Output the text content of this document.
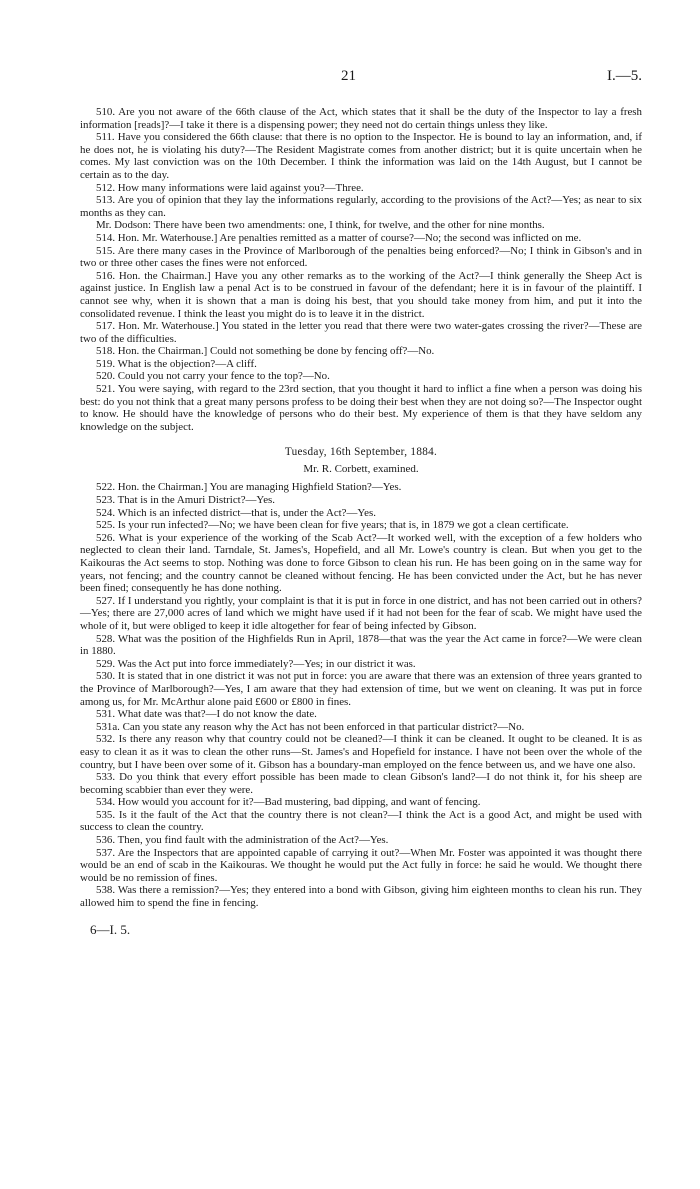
21	I.—5.

510. Are you not aware of the 66th clause of the Act, which states that it shall be the duty of the Inspector to lay a fresh information [reads]?—I take it there is a dispensing power; they need not do certain things unless they like.

511. Have you considered the 66th clause: that there is no option to the Inspector. He is bound to lay an information, and, if he does not, he is violating his duty?—The Resident Magistrate comes from another district; but it is quite uncertain when he comes. My last conviction was on the 10th December. I think the information was laid on the 14th August, but I cannot be certain as to the day.

512. How many informations were laid against you?—Three.

513. Are you of opinion that they lay the informations regularly, according to the provisions of the Act?—Yes; as near to six months as they can.

Mr. Dodson: There have been two amendments: one, I think, for twelve, and the other for nine months.

514. Hon. Mr. Waterhouse.] Are penalties remitted as a matter of course?—No; the second was inflicted on me.

515. Are there many cases in the Province of Marlborough of the penalties being enforced?—No; I think in Gibson's and in two or three other cases the fines were not enforced.

516. Hon. the Chairman.] Have you any other remarks as to the working of the Act?—I think generally the Sheep Act is against justice. In English law a penal Act is to be construed in favour of the defendant; here it is in favour of the plaintiff. I cannot see why, when it is shown that a man is doing his best, that you should take money from him, and put it into the consolidated revenue. I think the least you might do is to leave it in the district.

517. Hon. Mr. Waterhouse.] You stated in the letter you read that there were two water-gates crossing the river?—These are two of the difficulties.

518. Hon. the Chairman.] Could not something be done by fencing off?—No.

519. What is the objection?—A cliff.

520. Could you not carry your fence to the top?—No.

521. You were saying, with regard to the 23rd section, that you thought it hard to inflict a fine when a person was doing his best: do you not think that a great many persons profess to be doing their best when they are not doing so?—The Inspector ought to know. He should have the knowledge of persons who do their best. My experience of them is that they have seldom any knowledge on the subject.

Tuesday, 16th September, 1884.
Mr. R. Corbett, examined.

522. Hon. the Chairman.] You are managing Highfield Station?—Yes.

523. That is in the Amuri District?—Yes.

524. Which is an infected district—that is, under the Act?—Yes.

525. Is your run infected?—No; we have been clean for five years; that is, in 1879 we got a clean certificate.

526. What is your experience of the working of the Scab Act?—It worked well, with the exception of a few holders who neglected to clean their land. Tarndale, St. James's, Hopefield, and all Mr. Lowe's country is clean. But when you get to the Kaikouras the Act seems to stop. Nothing was done to force Gibson to clean his run. He has been going on in the same way for years, not fencing; and the country cannot be cleaned without fencing. He has been convicted under the Act, but he has never been fined; consequently he has done nothing.

527. If I understand you rightly, your complaint is that it is put in force in one district, and has not been carried out in others?—Yes; there are 27,000 acres of land which we might have used if it had not been for the fear of scab. We might have used the whole of it, but were obliged to keep it idle altogether for fear of being infected by Gibson.

528. What was the position of the Highfields Run in April, 1878—that was the year the Act came in force?—We were clean in 1880.

529. Was the Act put into force immediately?—Yes; in our district it was.

530. It is stated that in one district it was not put in force: you are aware that there was an extension of three years granted to the Province of Marlborough?—Yes, I am aware that they had extension of time, but we went on cleaning. It was put in force among us, for Mr. McArthur alone paid £600 or £800 in fines.

531. What date was that?—I do not know the date.

531a. Can you state any reason why the Act has not been enforced in that particular district?—No.

532. Is there any reason why that country could not be cleaned?—I think it can be cleaned. It ought to be cleaned. It is as easy to clean it as it was to clean the other runs—St. James's and Hopefield for instance. I have not been over the whole of the country, but I have been over some of it. Gibson has a boundary-man employed on the fence between us, and we have one also.

533. Do you think that every effort possible has been made to clean Gibson's land?—I do not think it, for his sheep are becoming scabbier than ever they were.

534. How would you account for it?—Bad mustering, bad dipping, and want of fencing.

535. Is it the fault of the Act that the country there is not clean?—I think the Act is a good Act, and might be used with success to clean the country.

536. Then, you find fault with the administration of the Act?—Yes.

537. Are the Inspectors that are appointed capable of carrying it out?—When Mr. Foster was appointed it was thought there would be an end of scab in the Kaikouras. We thought he would put the Act fully in force: he said he would. We thought there would be no remission of fines.

538. Was there a remission?—Yes; they entered into a bond with Gibson, giving him eighteen months to clean his run. They allowed him to spend the fine in fencing.

6—I. 5.
